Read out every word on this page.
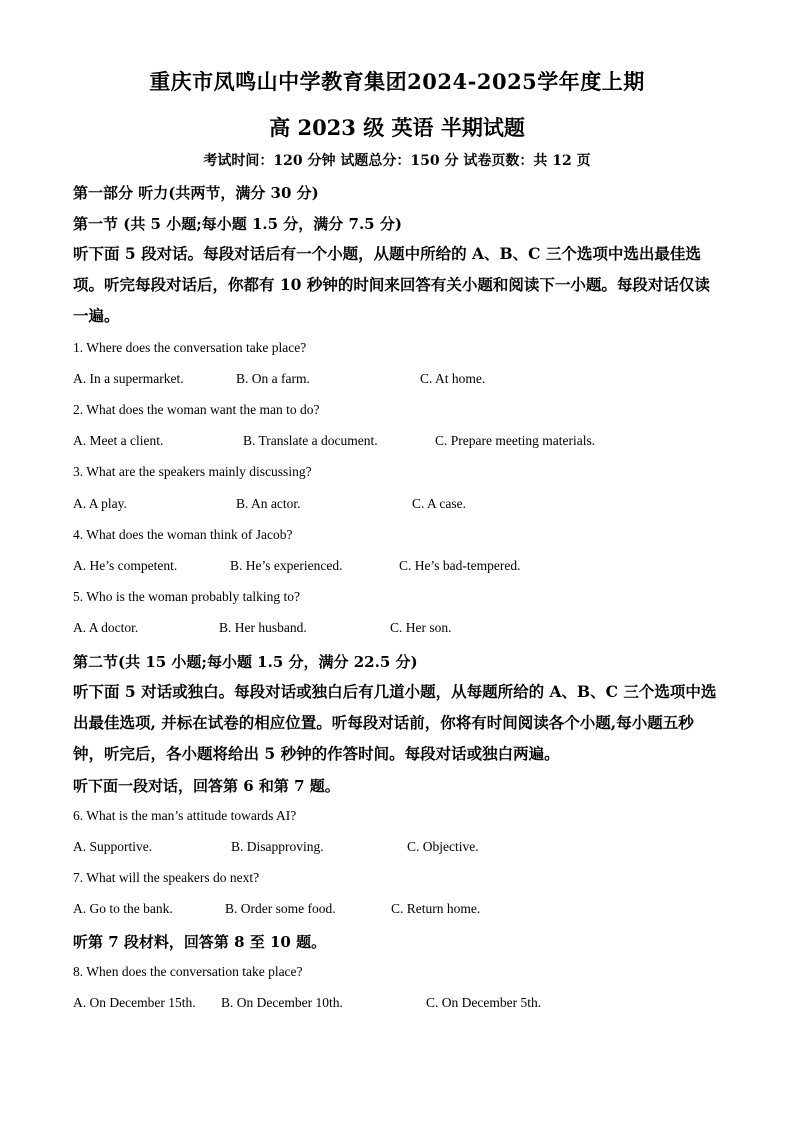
重庆市凤鸣山中学教育集团2024-2025学年度上期
高 2023 级 英语 半期试题
考试时间：120 分钟 试题总分：150 分 试卷页数：共 12 页
第一部分 听力(共两节，满分 30 分)
第一节 (共 5 小题;每小题 1.5 分，满分 7.5 分)
听下面 5 段对话。每段对话后有一个小题，从题中所给的 A、B、C 三个选项中选出最佳选项。听完每段对话后，你都有 10 秒钟的时间来回答有关小题和阅读下一小题。每段对话仅读一遍。
1. Where does the conversation take place?
A. In a supermarket.	B. On a farm.	C. At home.
2. What does the woman want the man to do?
A. Meet a client.	B. Translate a document.	C. Prepare meeting materials.
3. What are the speakers mainly discussing?
A. A play.	B. An actor.	C. A case.
4. What does the woman think of Jacob?
A. He’s competent.	B. He’s experienced.	C. He’s bad-tempered.
5. Who is the woman probably talking to?
A. A doctor.	B. Her husband.	C. Her son.
第二节(共 15 小题;每小题 1.5 分，满分 22.5 分)
听下面 5 对话或独白。每段对话或独白后有几道小题，从每题所给的 A、B、C 三个选项中选出最佳选项, 并标在试卷的相应位置。听每段对话前，你将有时间阅读各个小题,每小题五秒钟，听完后，各小题将给出 5 秒钟的作答时间。每段对话或独白两遍。
听下面一段对话，回答第 6 和第 7 题。
6. What is the man’s attitude towards AI?
A. Supportive.	B. Disapproving.	C. Objective.
7. What will the speakers do next?
A. Go to the bank.	B. Order some food.	C. Return home.
听第 7 段材料，回答第 8 至 10 题。
8. When does the conversation take place?
A. On December 15th. B. On December 10th.	C. On December 5th.
